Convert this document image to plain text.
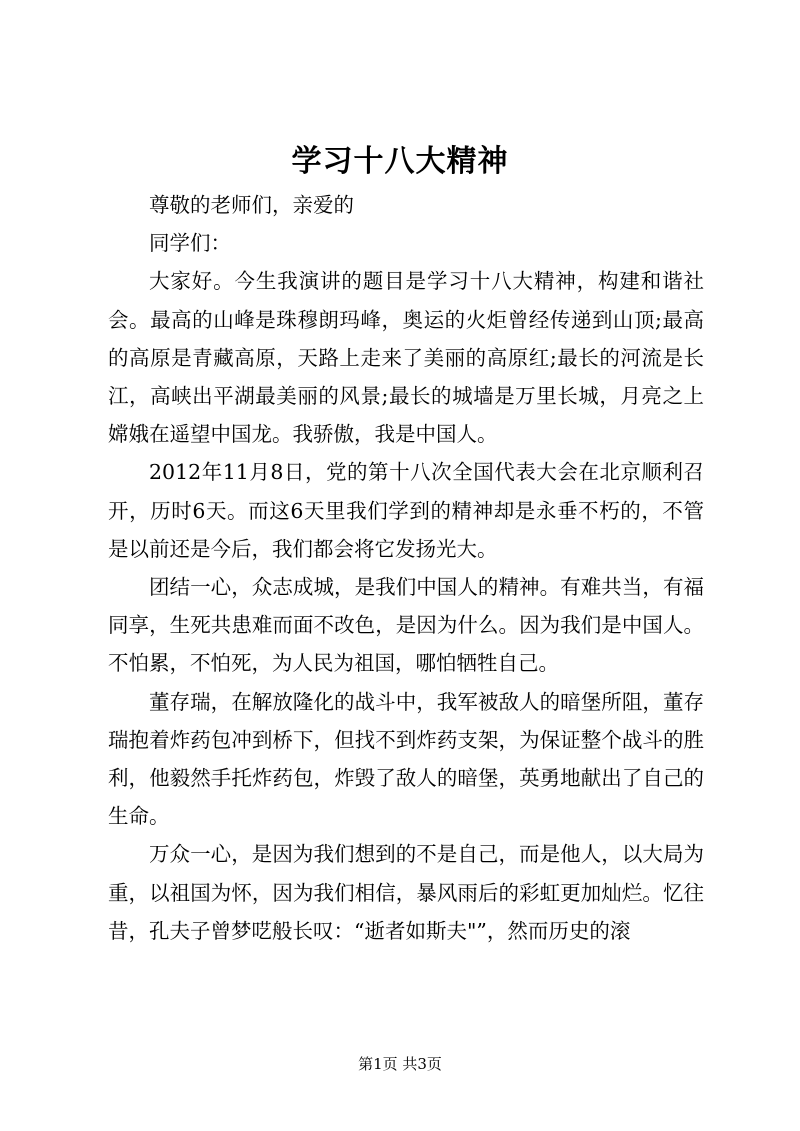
学习十八大精神

尊敬的老师们，亲爱的

同学们：

大家好。今生我演讲的题目是学习十八大精神，构建和谐社会。最高的山峰是珠穆朗玛峰，奥运的火炬曾经传递到山顶;最高的高原是青藏高原，天路上走来了美丽的高原红;最长的河流是长江，高峡出平湖最美丽的风景;最长的城墙是万里长城，月亮之上嫦娥在遥望中国龙。我骄傲，我是中国人。

2012年11月8日，党的第十八次全国代表大会在北京顺利召开，历时6天。而这6天里我们学到的精神却是永垂不朽的，不管是以前还是今后，我们都会将它发扬光大。

团结一心，众志成城，是我们中国人的精神。有难共当，有福同享，生死共患难而面不改色，是因为什么。因为我们是中国人。不怕累，不怕死，为人民为祖国，哪怕牺牲自己。

董存瑞，在解放隆化的战斗中，我军被敌人的暗堡所阻，董存瑞抱着炸药包冲到桥下，但找不到炸药支架，为保证整个战斗的胜利，他毅然手托炸药包，炸毁了敌人的暗堡，英勇地献出了自己的生命。

万众一心，是因为我们想到的不是自己，而是他人，以大局为重，以祖国为怀，因为我们相信，暴风雨后的彩虹更加灿烂。忆往昔，孔夫子曾梦呓般长叹：“逝者如斯夫"”，然而历史的滚

第1页 共3页
